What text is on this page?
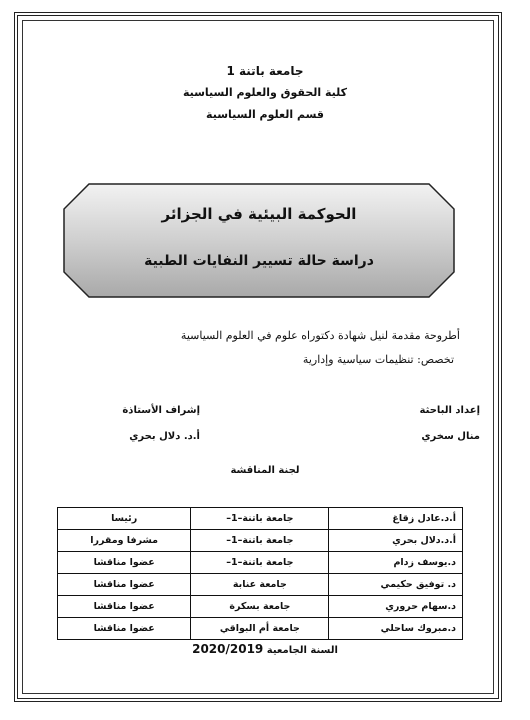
جامعة باتنة 1
كلية الحقوق والعلوم السياسية
قسم العلوم السياسية
الحوكمة البيئية في الجزائر
دراسة حالة تسيير النفايات الطبية
أطروحة مقدمة لنيل شهادة دكتوراه علوم في العلوم السياسية
تخصص: تنظيمات سياسية وإدارية
إعداد الباحثة
منال سخري
إشراف الأستاذة
أ.د. دلال بحري
لجنة المناقشة
أ.د.عادل زقاغ	جامعة باتنة–1–	رئيسا
أ.د.دلال بحري	جامعة باتنة–1–	مشرفا ومقررا
د.يوسف زدام	جامعة باتنة–1–	عضوا مناقشا
د. توفيق حكيمي	جامعة عنابة	عضوا مناقشا
د.سهام حروري	جامعة بسكرة	عضوا مناقشا
د.مبروك ساحلي	جامعة أم البواقي	عضوا مناقشا
السنة الجامعية 2020/2019
